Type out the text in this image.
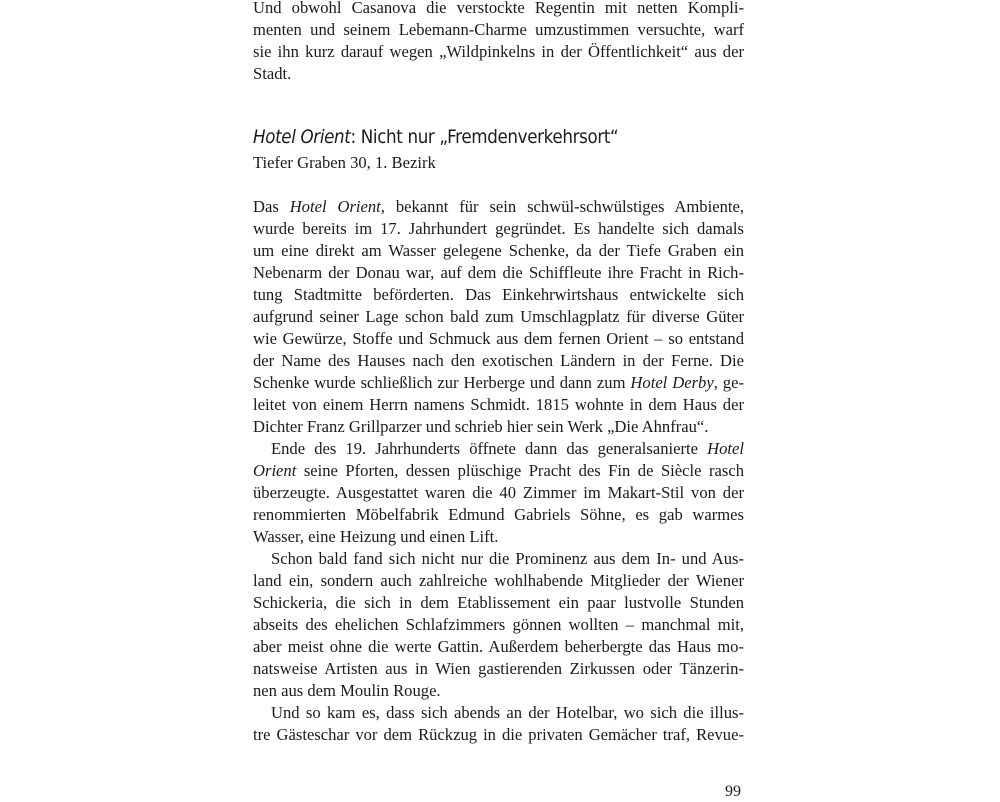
Und obwohl Casanova die verstockte Regentin mit netten Kompli-
menten und seinem Lebemann-Charme umzustimmen versuchte, warf
sie ihn kurz darauf wegen „Wildpinkelns in der Öffentlichkeit“ aus der
Stadt.
Hotel Orient: Nicht nur „Fremdenverkehrsort“
Tiefer Graben 30, 1. Bezirk
Das Hotel Orient, bekannt für sein schwül-schwülstiges Ambiente,
wurde bereits im 17. Jahrhundert gegründet. Es handelte sich damals
um eine direkt am Wasser gelegene Schenke, da der Tiefe Graben ein
Nebenarm der Donau war, auf dem die Schiffleute ihre Fracht in Rich-
tung Stadtmitte beförderten. Das Einkehrwirtshaus entwickelte sich
aufgrund seiner Lage schon bald zum Umschlagplatz für diverse Güter
wie Gewürze, Stoffe und Schmuck aus dem fernen Orient – so entstand
der Name des Hauses nach den exotischen Ländern in der Ferne. Die
Schenke wurde schließlich zur Herberge und dann zum Hotel Derby, ge-
leitet von einem Herrn namens Schmidt. 1815 wohnte in dem Haus der
Dichter Franz Grillparzer und schrieb hier sein Werk „Die Ahnfrau“.
Ende des 19. Jahrhunderts öffnete dann das generalsanierte Hotel
Orient seine Pforten, dessen plüschige Pracht des Fin de Siècle rasch
überzeugte. Ausgestattet waren die 40 Zimmer im Makart-Stil von der
renommierten Möbelfabrik Edmund Gabriels Söhne, es gab warmes
Wasser, eine Heizung und einen Lift.
Schon bald fand sich nicht nur die Prominenz aus dem In- und Aus-
land ein, sondern auch zahlreiche wohlhabende Mitglieder der Wiener
Schickeria, die sich in dem Etablissement ein paar lustvolle Stunden
abseits des ehelichen Schlafzimmers gönnen wollten – manchmal mit,
aber meist ohne die werte Gattin. Außerdem beherbergte das Haus mo-
natsweise Artisten aus in Wien gastierenden Zirkussen oder Tänzerin-
nen aus dem Moulin Rouge.
Und so kam es, dass sich abends an der Hotelbar, wo sich die illus-
tre Gästeschar vor dem Rückzug in die privaten Gemächer traf, Revue-
99
